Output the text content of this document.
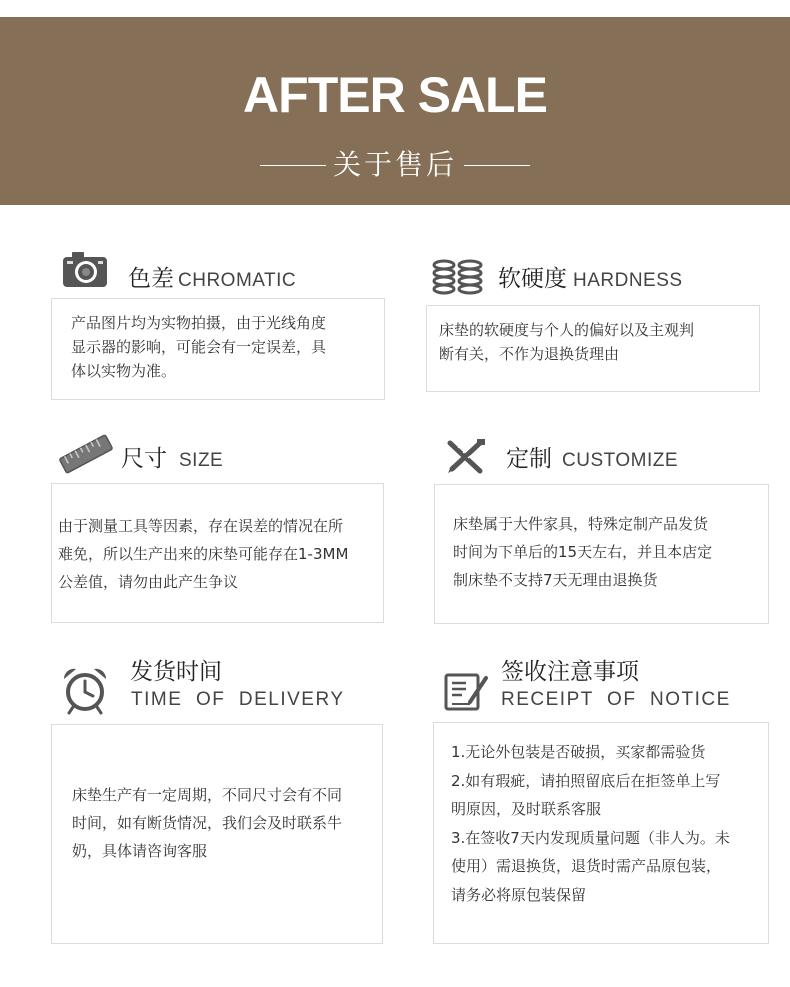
AFTER SALE
关于售后
色差 CHROMATIC

产品图片均为实物拍摄，由于光线角度

显示器的影响，可能会有一定误差，具

体以实物为准。

软硬度 HARDNESS

床垫的软硬度与个人的偏好以及主观判

断有关，不作为退换货理由

尺寸 SIZE

由于测量工具等因素，存在误差的情况在所

难免，所以生产出来的床垫可能存在1-3MM

公差值，请勿由此产生争议

定制 CUSTOMIZE

床垫属于大件家具，特殊定制产品发货

时间为下单后的15天左右，并且本店定

制床垫不支持7天无理由退换货

发货时间
TIME  OF  DELIVERY

床垫生产有一定周期，不同尺寸会有不同

时间，如有断货情况，我们会及时联系牛

奶，具体请咨询客服

签收注意事项
RECEIPT  OF  NOTICE

1.无论外包装是否破损，买家都需验货

2.如有瑕疵，请拍照留底后在拒签单上写

明原因，及时联系客服

3.在签收7天内发现质量问题（非人为。未

使用）需退换货，退货时需产品原包装，

请务必将原包装保留
